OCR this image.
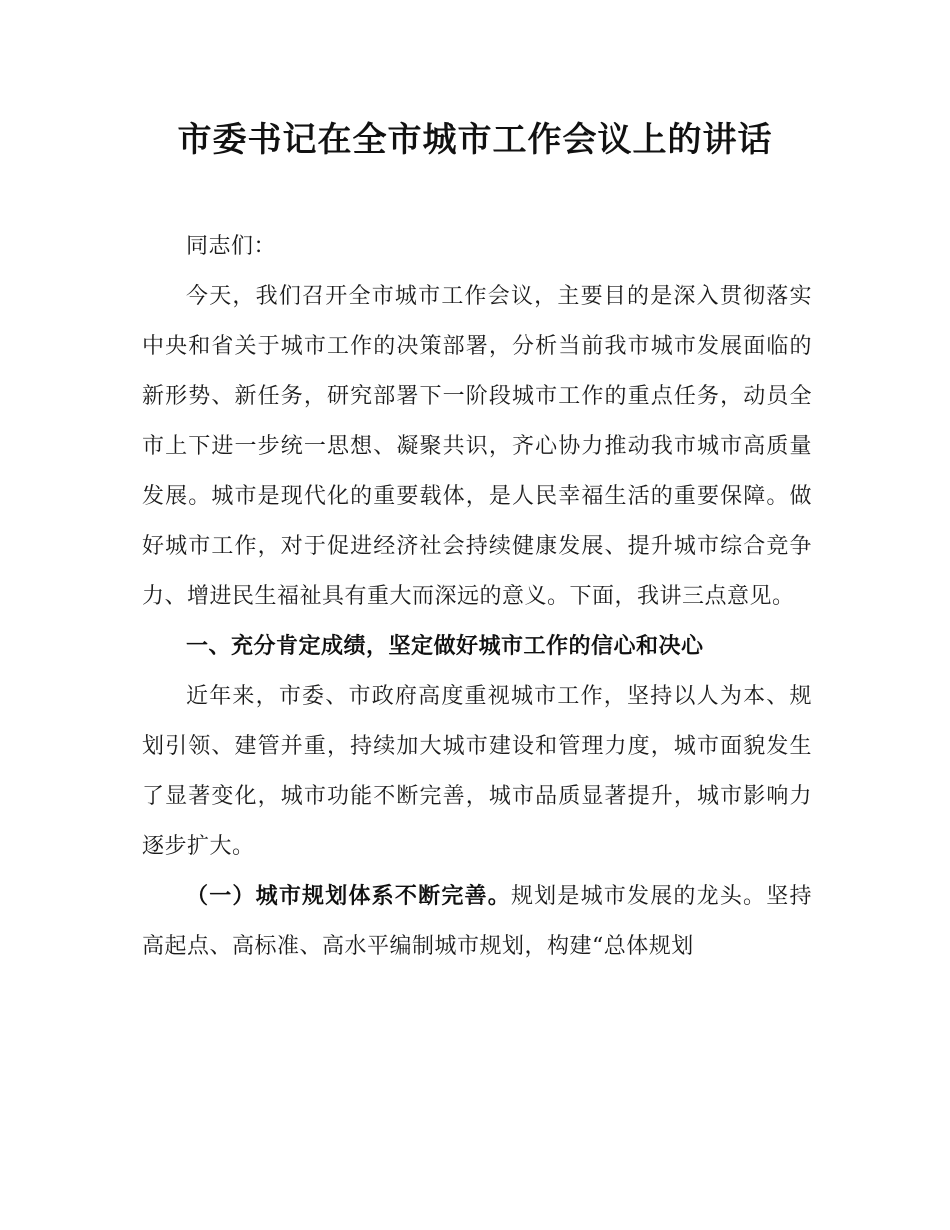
市委书记在全市城市工作会议上的讲话

同志们：

今天，我们召开全市城市工作会议，主要目的是深入贯彻落实中央和省关于城市工作的决策部署，分析当前我市城市发展面临的新形势、新任务，研究部署下一阶段城市工作的重点任务，动员全市上下进一步统一思想、凝聚共识，齐心协力推动我市城市高质量发展。城市是现代化的重要载体，是人民幸福生活的重要保障。做好城市工作，对于促进经济社会持续健康发展、提升城市综合竞争力、增进民生福祉具有重大而深远的意义。下面，我讲三点意见。

一、充分肯定成绩，坚定做好城市工作的信心和决心

近年来，市委、市政府高度重视城市工作，坚持以人为本、规划引领、建管并重，持续加大城市建设和管理力度，城市面貌发生了显著变化，城市功能不断完善，城市品质显著提升，城市影响力逐步扩大。

（一）城市规划体系不断完善。规划是城市发展的龙头。坚持高起点、高标准、高水平编制城市规划，构建“总体规划
